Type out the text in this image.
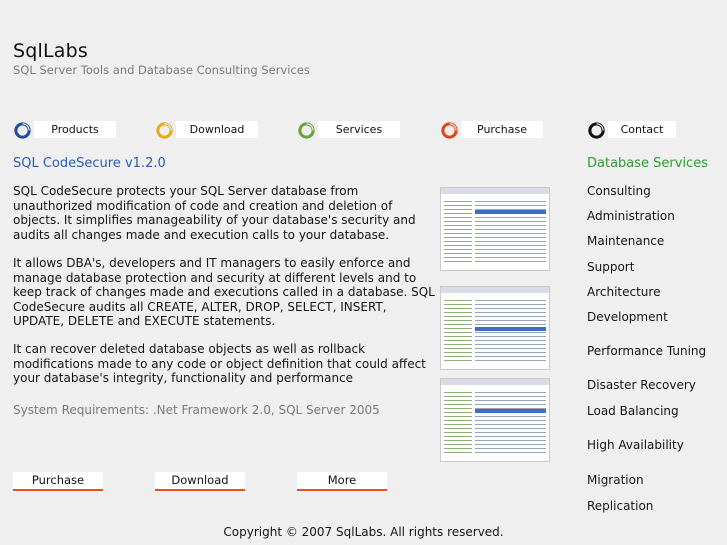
SqlLabs
SQL Server Tools and Database Consulting Services
Products	Download	Services	Purchase	Contact
SQL CodeSecure v1.2.0
SQL CodeSecure protects your SQL Server database from unauthorized modification of code and creation and deletion of objects. It simplifies manageability of your database's security and audits all changes made and execution calls to your database.
It allows DBA's, developers and IT managers to easily enforce and manage database protection and security at different levels and to keep track of changes made and executions called in a database. SQL CodeSecure audits all CREATE, ALTER, DROP, SELECT, INSERT, UPDATE, DELETE and EXECUTE statements.
It can recover deleted database objects as well as rollback modifications made to any code or object definition that could affect your database's integrity, functionality and performance
System Requirements: .Net Framework 2.0, SQL Server 2005
Purchase	Download	More
Database Services
Consulting
Administration
Maintenance
Support
Architecture
Development
Performance Tuning
Disaster Recovery
Load Balancing
High Availability
Migration
Replication
Copyright © 2007 SqlLabs. All rights reserved.
